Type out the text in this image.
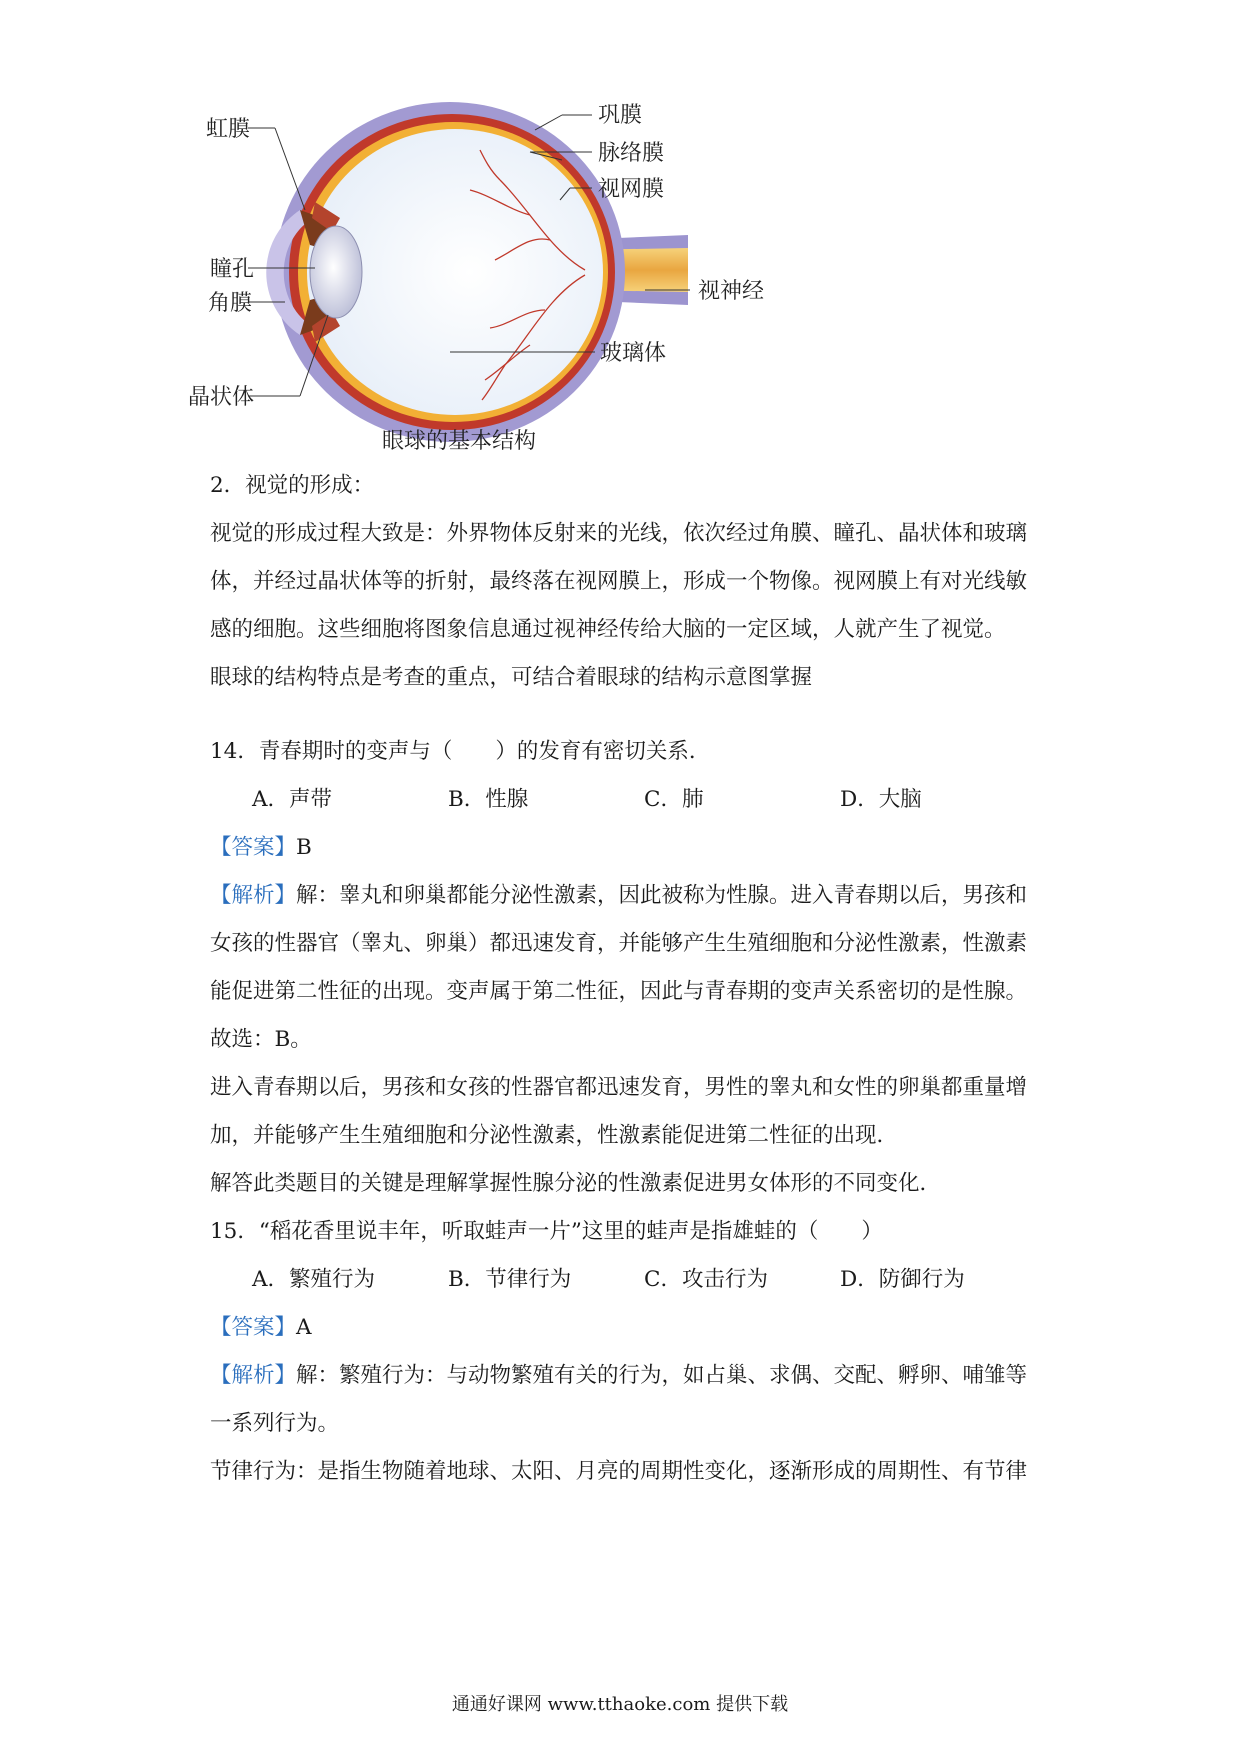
虹膜
瞳孔
角膜
晶状体
巩膜
脉络膜
视网膜
视神经
玻璃体
眼球的基本结构
2．视觉的形成：
视觉的形成过程大致是：外界物体反射来的光线，依次经过角膜、瞳孔、晶状体和玻璃
体，并经过晶状体等的折射，最终落在视网膜上，形成一个物像。视网膜上有对光线敏
感的细胞。这些细胞将图象信息通过视神经传给大脑的一定区域，人就产生了视觉。
眼球的结构特点是考查的重点，可结合着眼球的结构示意图掌握
14．青春期时的变声与（　　）的发育有密切关系．
A．声带	B．性腺	C．肺	D．大脑
【答案】B
【解析】解：睾丸和卵巢都能分泌性激素，因此被称为性腺。进入青春期以后，男孩和
女孩的性器官（睾丸、卵巢）都迅速发育，并能够产生生殖细胞和分泌性激素，性激素
能促进第二性征的出现。变声属于第二性征，因此与青春期的变声关系密切的是性腺。
故选：B。
进入青春期以后，男孩和女孩的性器官都迅速发育，男性的睾丸和女性的卵巢都重量增
加，并能够产生生殖细胞和分泌性激素，性激素能促进第二性征的出现．
解答此类题目的关键是理解掌握性腺分泌的性激素促进男女体形的不同变化．
15．“稻花香里说丰年，听取蛙声一片”这里的蛙声是指雄蛙的（　　）
A．繁殖行为	B．节律行为	C．攻击行为	D．防御行为
【答案】A
【解析】解：繁殖行为：与动物繁殖有关的行为，如占巢、求偶、交配、孵卵、哺雏等
一系列行为。
节律行为：是指生物随着地球、太阳、月亮的周期性变化，逐渐形成的周期性、有节律
通通好课网 www.tthaoke.com 提供下载
